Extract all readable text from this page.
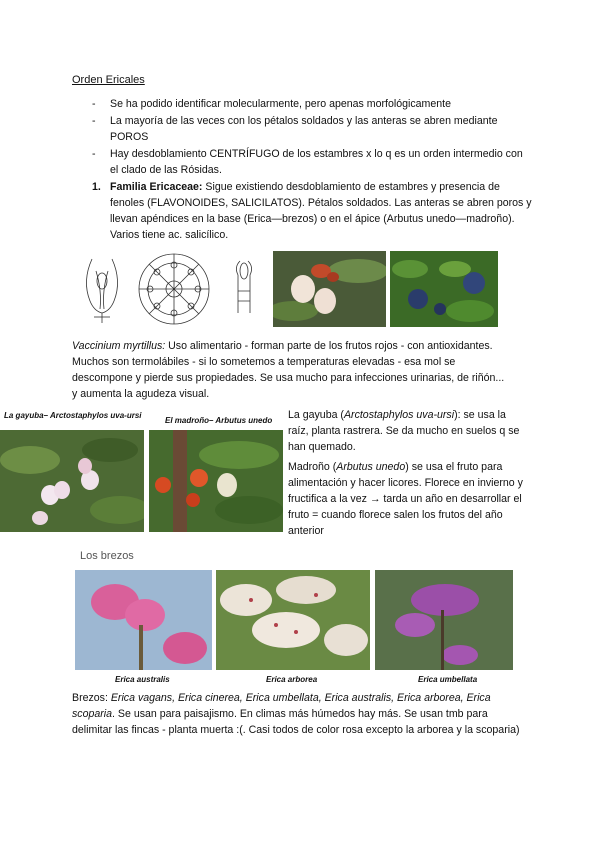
Orden Ericales
- Se ha podido identificar molecularmente, pero apenas morfológicamente
- La mayoría de las veces con los pétalos soldados y las anteras se abren mediante POROS
- Hay desdoblamiento CENTRÍFUGO de los estambres x lo q es un orden intermedio con el clado de las Rósidas.
1. Familia Ericaceae: Sigue existiendo desdoblamiento de estambres y presencia de fenoles (FLAVONOIDES, SALICILATOS). Pétalos soldados. Las anteras se abren poros y llevan apéndices en la base (Erica—brezos) o en el ápice (Arbutus unedo—madroño). Varios tiene ac. salicílico.
Vaccinium myrtillus: Uso alimentario - forman parte de los frutos rojos - con antioxidantes. Muchos son termolábiles - si lo sometemos a temperaturas elevadas - esa mol se descompone y pierde sus propiedades. Se usa mucho para infecciones urinarias, de riñón... y aumenta la agudeza visual.
La gayuba– Arctostaphylos uva-ursi
El madroño– Arbutus unedo La gayuba (Arctostaphylos uva-ursi): se usa la raíz, planta rastrera. Se da mucho en suelos q se han quemado.
Madroño (Arbutus unedo) se usa el fruto para alimentación y hacer licores. Florece en invierno y fructifica a la vez → tarda un año en desarrollar el fruto = cuando florece salen los frutos del año anterior
Los brezos
Erica australis	Erica arborea	Erica umbellata
Brezos: Erica vagans, Erica cinerea, Erica umbellata, Erica australis, Erica arborea, Erica scoparia. Se usan para paisajismo. En climas más húmedos hay más. Se usan tmb para delimitar las fincas - planta muerta :(. Casi todos de color rosa excepto la arborea y la scoparia)
